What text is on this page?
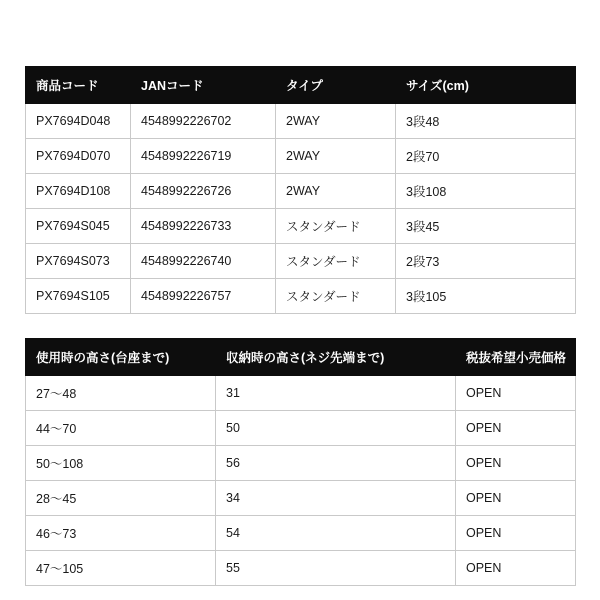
商品コード	JANコード	タイプ	サイズ(cm)
PX7694D048	4548992226702	2WAY	3段48
PX7694D070	4548992226719	2WAY	2段70
PX7694D108	4548992226726	2WAY	3段108
PX7694S045	4548992226733	スタンダード	3段45
PX7694S073	4548992226740	スタンダード	2段73
PX7694S105	4548992226757	スタンダード	3段105
使用時の高さ(台座まで)	収納時の高さ(ネジ先端まで)	税抜希望小売価格
27〜48	31	OPEN
44〜70	50	OPEN
50〜108	56	OPEN
28〜45	34	OPEN
46〜73	54	OPEN
47〜105	55	OPEN
